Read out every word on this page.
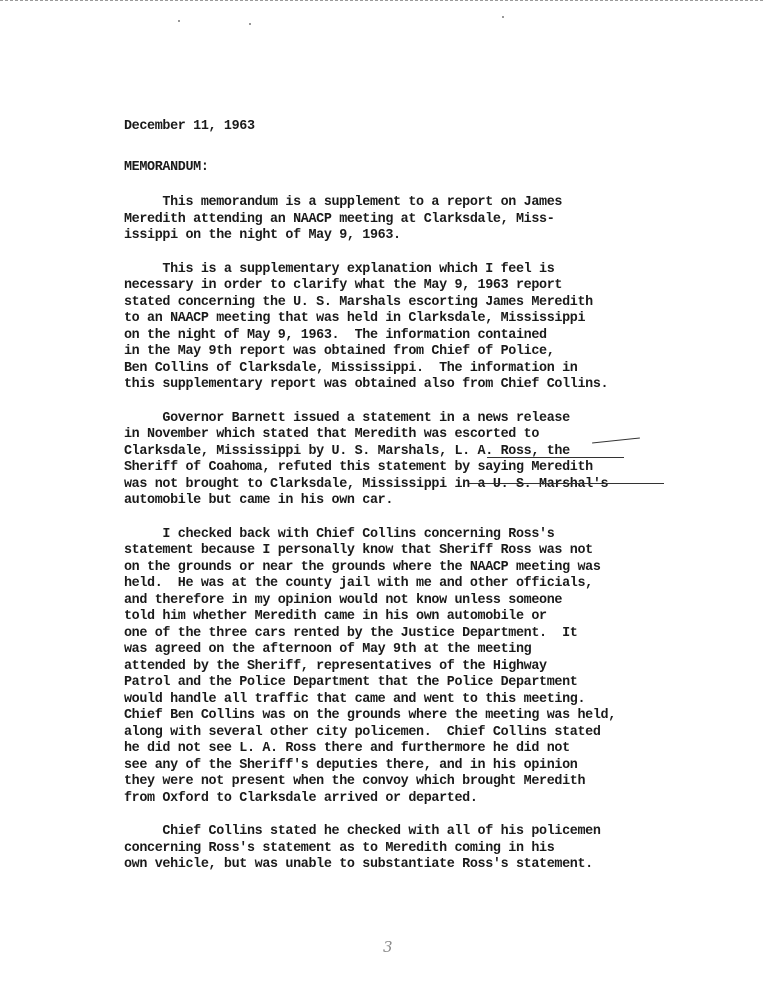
December 11, 1963

MEMORANDUM:

This memorandum is a supplement to a report on James

Meredith attending an NAACP meeting at Clarksdale, Miss-

issippi on the night of May 9, 1963.

This is a supplementary explanation which I feel is

necessary in order to clarify what the May 9, 1963 report

stated concerning the U. S. Marshals escorting James Meredith

to an NAACP meeting that was held in Clarksdale, Mississippi

on the night of May 9, 1963.  The information contained

in the May 9th report was obtained from Chief of Police,

Ben Collins of Clarksdale, Mississippi.  The information in

this supplementary report was obtained also from Chief Collins.

Governor Barnett issued a statement in a news release

in November which stated that Meredith was escorted to

Clarksdale, Mississippi by U. S. Marshals, L. A. Ross, the

Sheriff of Coahoma, refuted this statement by saying Meredith

was not brought to Clarksdale, Mississippi in a U. S. Marshal's

automobile but came in his own car.

I checked back with Chief Collins concerning Ross's

statement because I personally know that Sheriff Ross was not

on the grounds or near the grounds where the NAACP meeting was

held.  He was at the county jail with me and other officials,

and therefore in my opinion would not know unless someone

told him whether Meredith came in his own automobile or

one of the three cars rented by the Justice Department.  It

was agreed on the afternoon of May 9th at the meeting

attended by the Sheriff, representatives of the Highway

Patrol and the Police Department that the Police Department

would handle all traffic that came and went to this meeting.

Chief Ben Collins was on the grounds where the meeting was held,

along with several other city policemen.  Chief Collins stated

he did not see L. A. Ross there and furthermore he did not

see any of the Sheriff's deputies there, and in his opinion

they were not present when the convoy which brought Meredith

from Oxford to Clarksdale arrived or departed.

Chief Collins stated he checked with all of his policemen

concerning Ross's statement as to Meredith coming in his

own vehicle, but was unable to substantiate Ross's statement.

3
